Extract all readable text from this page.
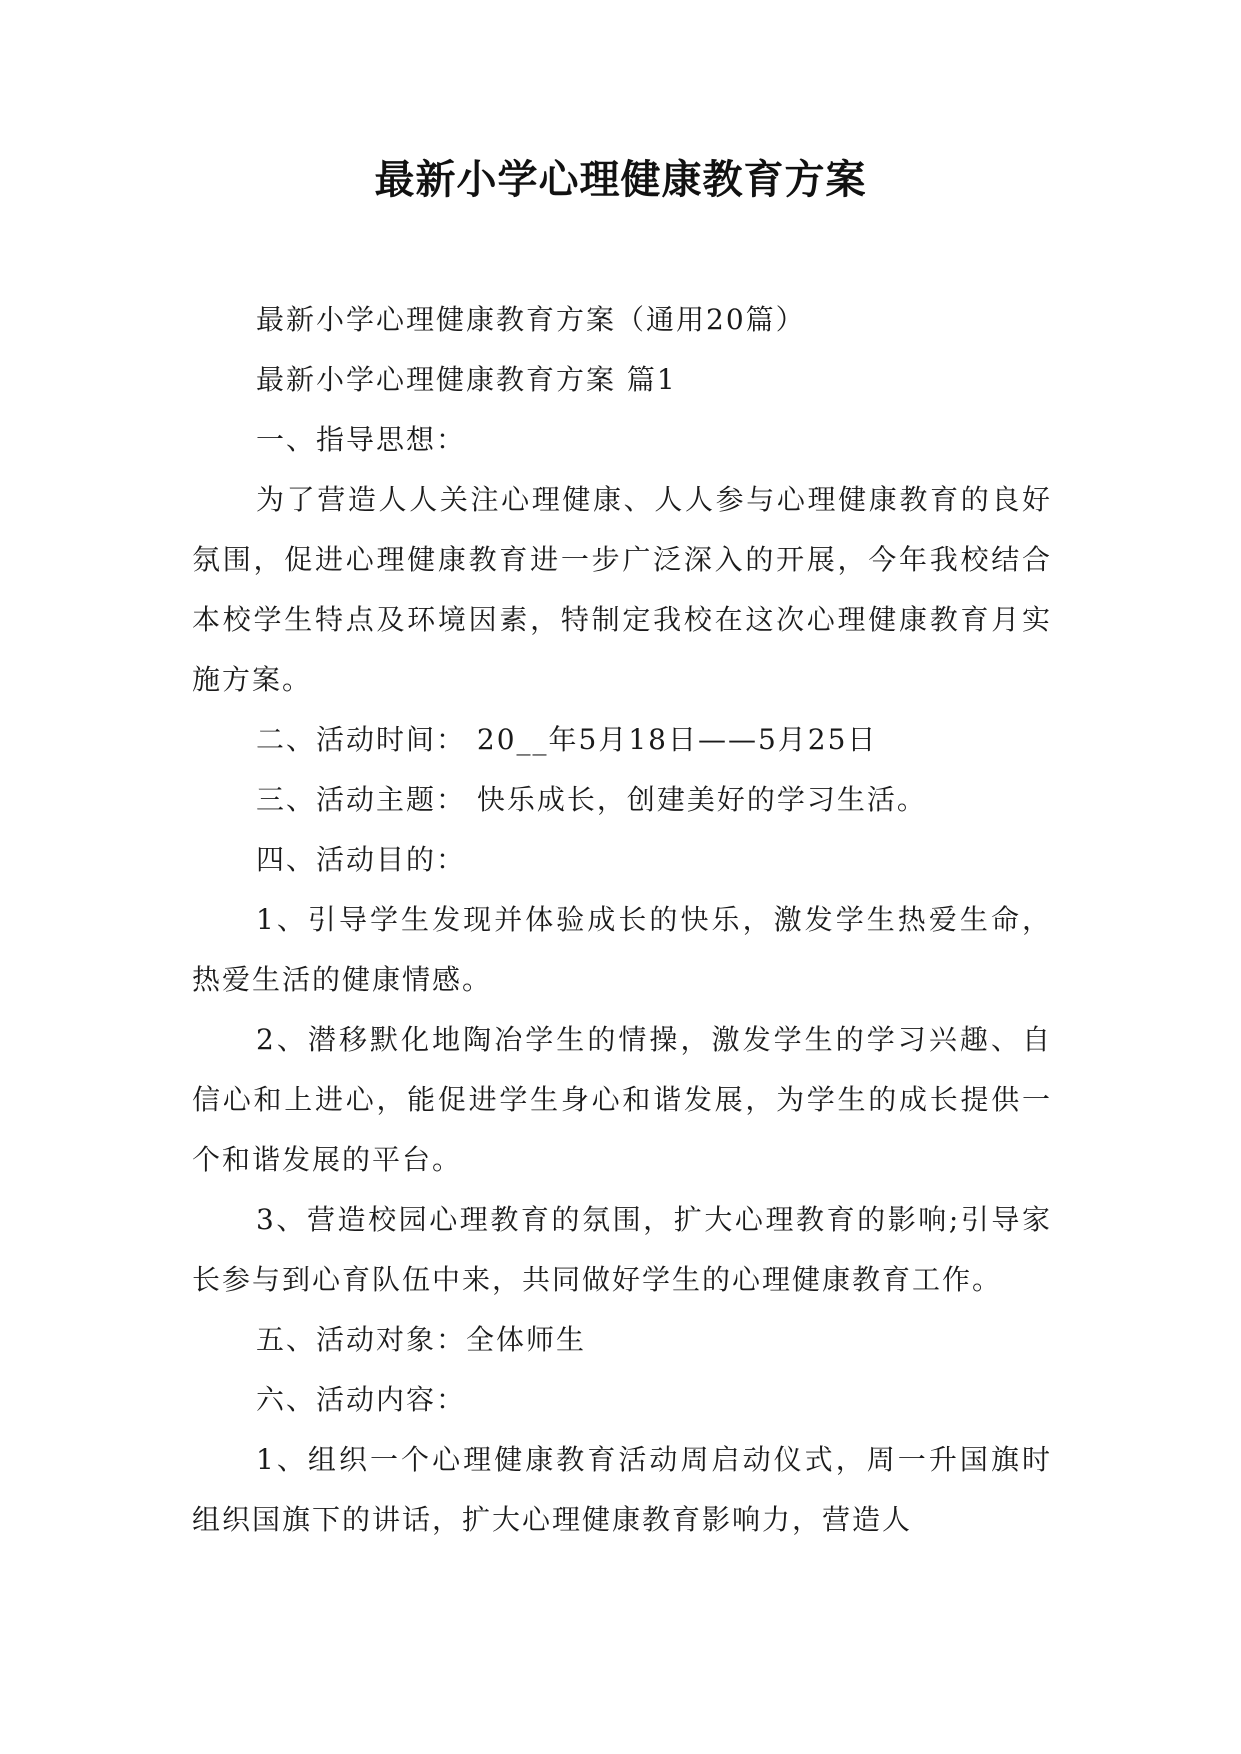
最新小学心理健康教育方案

最新小学心理健康教育方案（通用20篇）

最新小学心理健康教育方案 篇1

一、指导思想：

为了营造人人关注心理健康、人人参与心理健康教育的良好氛围，促进心理健康教育进一步广泛深入的开展，今年我校结合本校学生特点及环境因素，特制定我校在这次心理健康教育月实施方案。

二、活动时间： 20__年5月18日——5月25日

三、活动主题： 快乐成长，创建美好的学习生活。

四、活动目的：

1、引导学生发现并体验成长的快乐，激发学生热爱生命，热爱生活的健康情感。

2、潜移默化地陶冶学生的情操，激发学生的学习兴趣、自信心和上进心，能促进学生身心和谐发展，为学生的成长提供一个和谐发展的平台。

3、营造校园心理教育的氛围，扩大心理教育的影响;引导家长参与到心育队伍中来，共同做好学生的心理健康教育工作。

五、活动对象：全体师生

六、活动内容：

1、组织一个心理健康教育活动周启动仪式，周一升国旗时组织国旗下的讲话，扩大心理健康教育影响力，营造人
